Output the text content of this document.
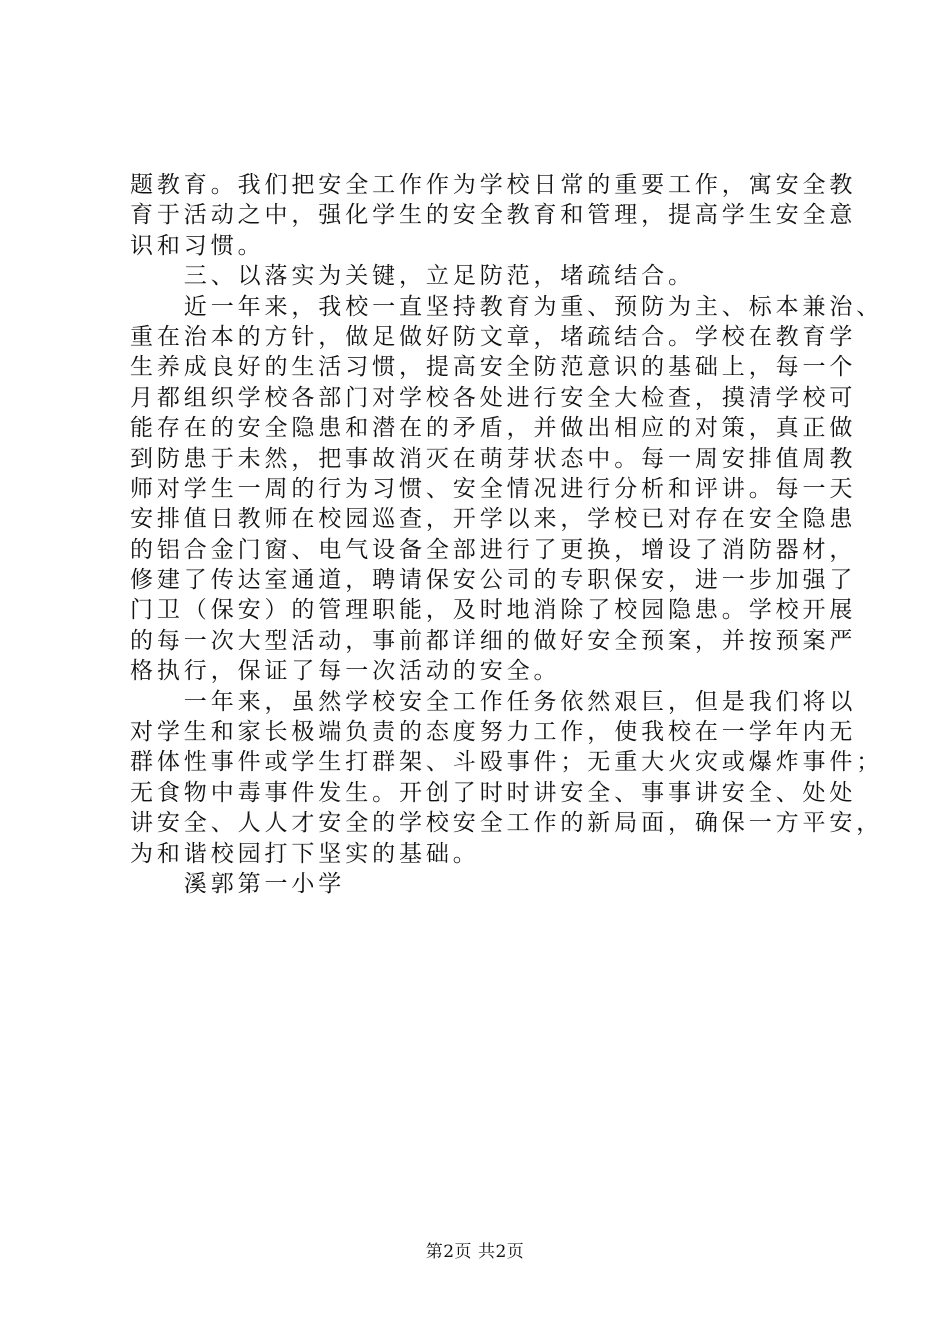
题教育。我们把安全工作作为学校日常的重要工作，寓安全教
育于活动之中，强化学生的安全教育和管理，提高学生安全意
识和习惯。
　　三、以落实为关键，立足防范，堵疏结合。
　　近一年来，我校一直坚持教育为重、预防为主、标本兼治、
重在治本的方针，做足做好防文章，堵疏结合。学校在教育学
生养成良好的生活习惯，提高安全防范意识的基础上，每一个
月都组织学校各部门对学校各处进行安全大检查，摸清学校可
能存在的安全隐患和潜在的矛盾，并做出相应的对策，真正做
到防患于未然，把事故消灭在萌芽状态中。每一周安排值周教
师对学生一周的行为习惯、安全情况进行分析和评讲。每一天
安排值日教师在校园巡查，开学以来，学校已对存在安全隐患
的铝合金门窗、电气设备全部进行了更换，增设了消防器材，
修建了传达室通道，聘请保安公司的专职保安，进一步加强了
门卫（保安）的管理职能，及时地消除了校园隐患。学校开展
的每一次大型活动，事前都详细的做好安全预案，并按预案严
格执行，保证了每一次活动的安全。
　　一年来，虽然学校安全工作任务依然艰巨，但是我们将以
对学生和家长极端负责的态度努力工作，使我校在一学年内无
群体性事件或学生打群架、斗殴事件；无重大火灾或爆炸事件；
无食物中毒事件发生。开创了时时讲安全、事事讲安全、处处
讲安全、人人才安全的学校安全工作的新局面，确保一方平安，
为和谐校园打下坚实的基础。
　　溪郭第一小学
第2页 共2页
